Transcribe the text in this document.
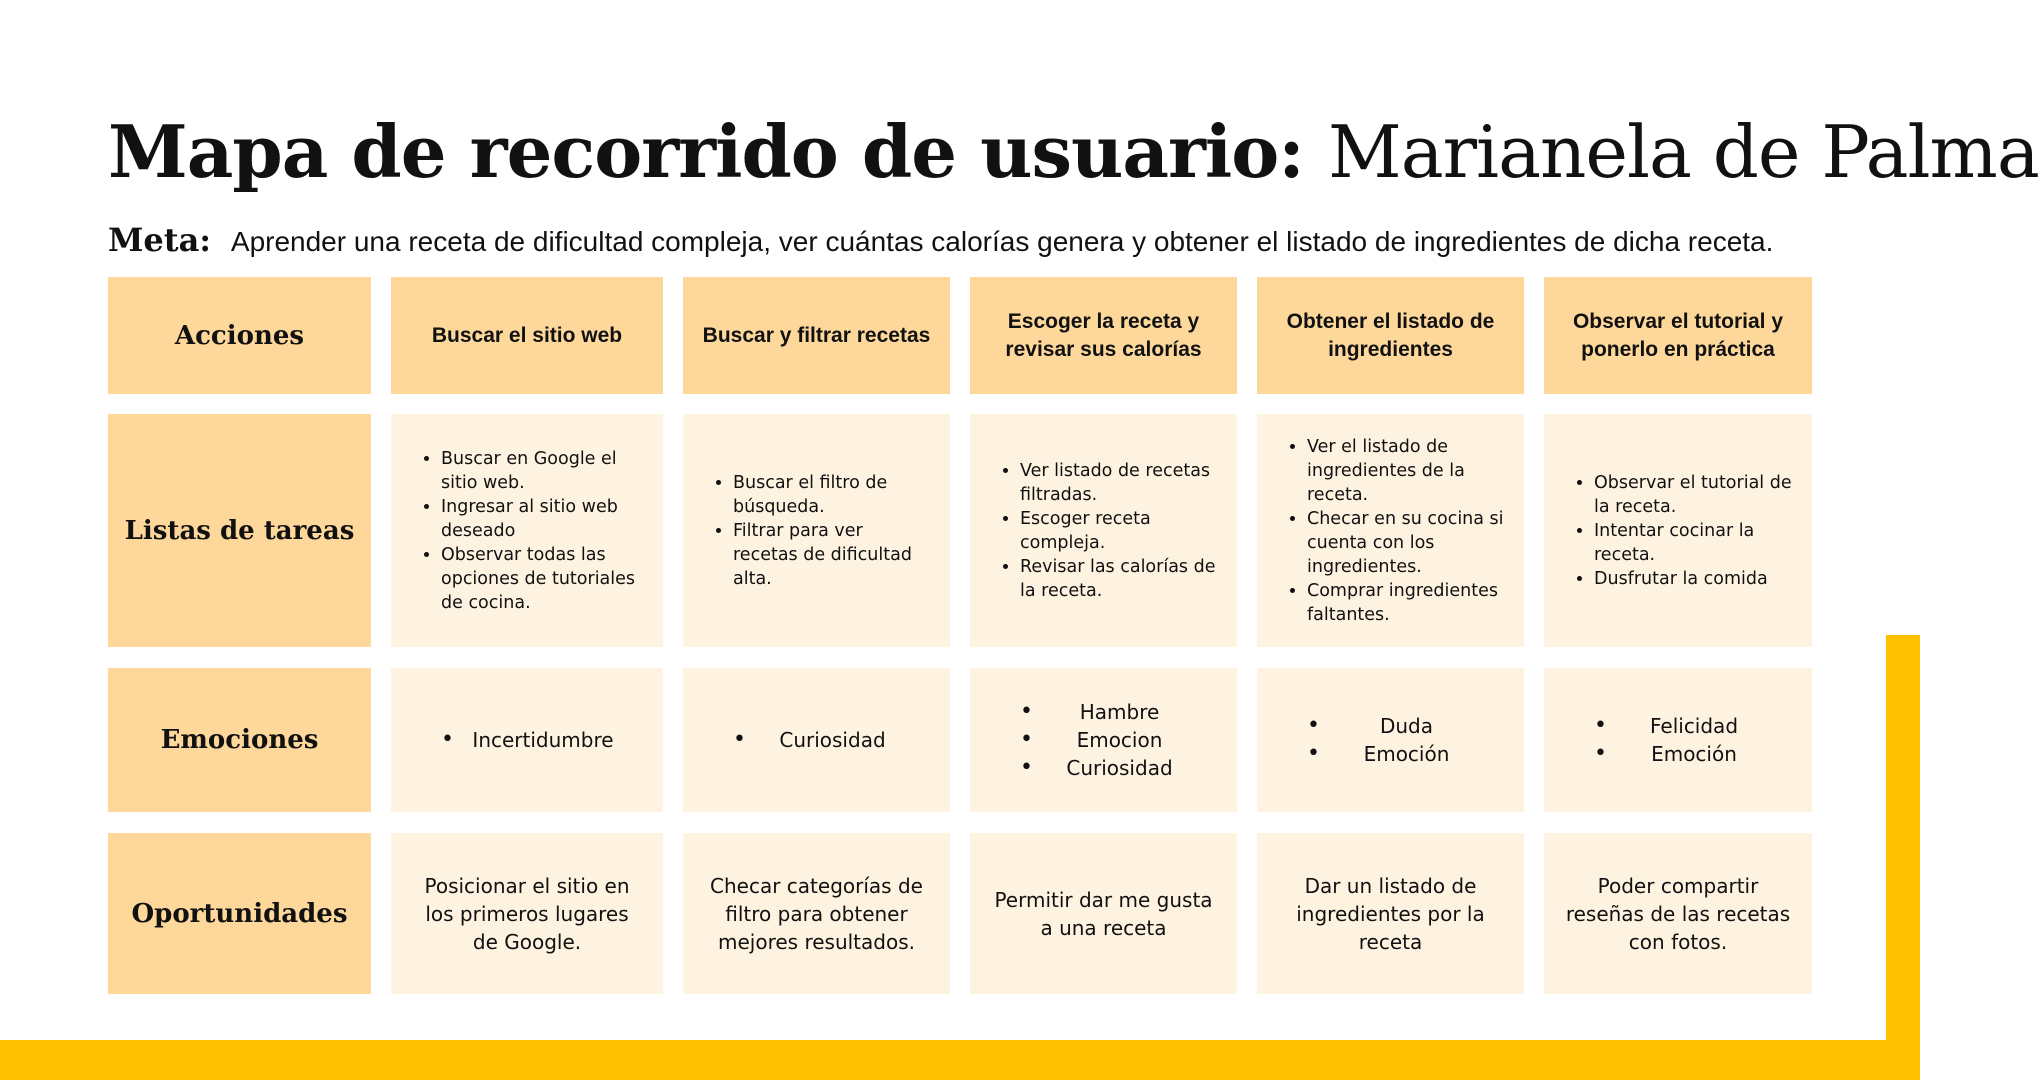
Mapa de recorrido de usuario: Marianela de Palma
Meta: Aprender una receta de dificultad compleja, ver cuántas calorías genera y obtener el listado de ingredientes de dicha receta.
Acciones
Listas de tareas
Emociones
Oportunidades
Buscar el sitio web	Buscar y filtrar recetas
Escoger la receta y revisar sus calorías
Obtener el listado de ingredientes
Observar el tutorial y ponerlo en práctica
• Buscar en Google el sitio web.
• Ingresar al sitio web deseado
• Observar todas las opciones de tutoriales de cocina.
• Buscar el filtro de búsqueda.
• Filtrar para ver recetas de dificultad alta.
• Ver listado de recetas filtradas.
• Escoger receta compleja.
• Revisar las calorías de la receta.
• Ver el listado de ingredientes de la receta.
• Checar en su cocina si cuenta con los ingredientes.
• Comprar ingredientes faltantes.
• Observar el tutorial de la receta.
• Intentar cocinar la receta.
• Dusfrutar la comida
• Incertidumbre
•	Curiosidad
• Hambre
• Emocion
• Curiosidad
• Duda
• Emoción
• Felicidad
• Emoción
Posicionar el sitio en los primeros lugares de Google.
Checar categorías de filtro para obtener mejores resultados.
Permitir dar me gusta a una receta
Dar un listado de ingredientes por la receta
Poder compartir reseñas de las recetas con fotos.
